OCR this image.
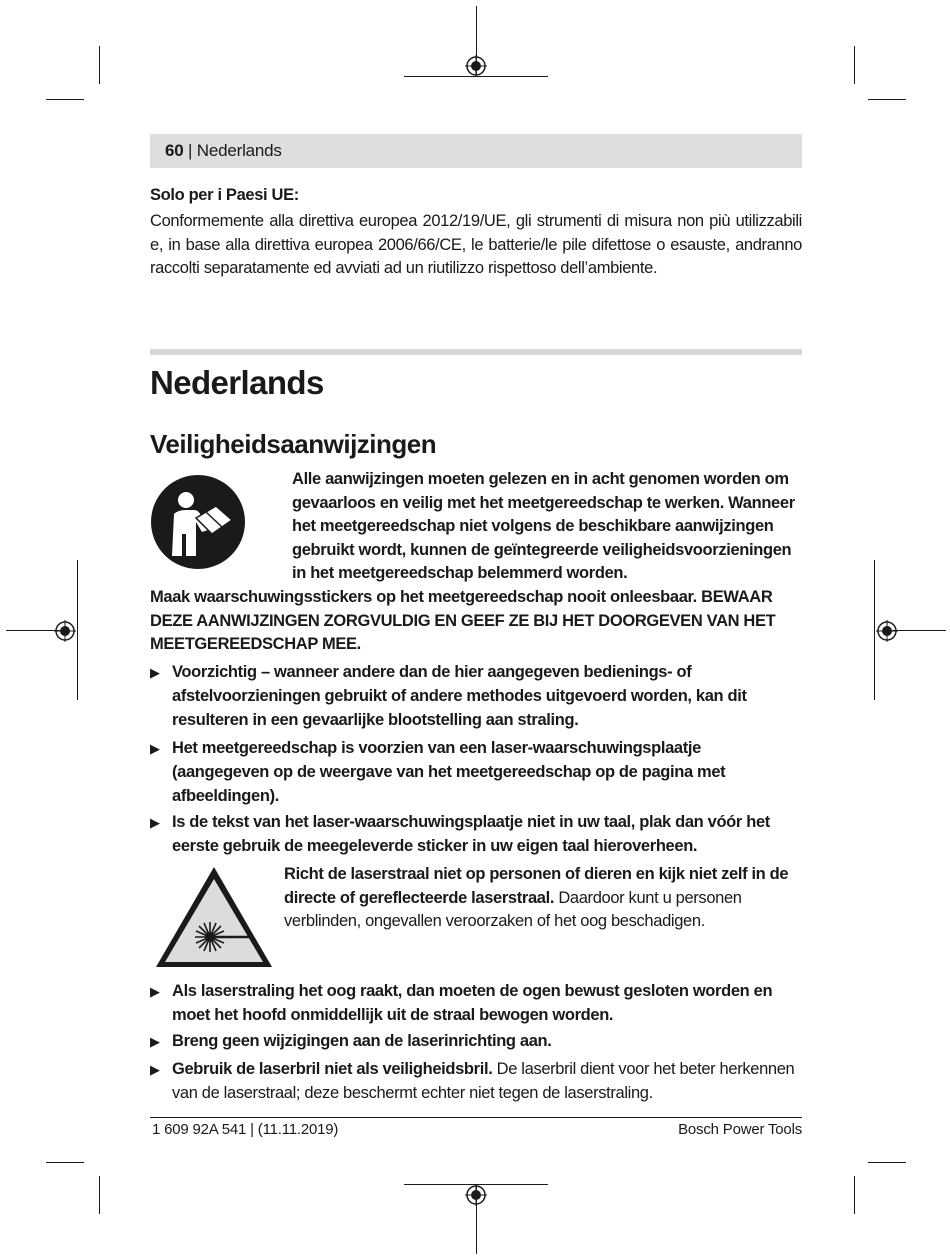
60 | Nederlands
Solo per i Paesi UE:
Conformemente alla direttiva europea 2012/19/UE, gli strumenti di misura non più utilizzabili e, in base alla direttiva europea 2006/66/CE, le batterie/le pile difettose o esauste, andranno raccolti separatamente ed avviati ad un riutilizzo rispettoso dell’ambiente.
Nederlands
Veiligheidsaanwijzingen
Alle aanwijzingen moeten gelezen en in acht genomen worden om gevaarloos en veilig met het meetgereedschap te werken. Wanneer het meetgereedschap niet volgens de beschikbare aanwijzingen gebruikt wordt, kunnen de geïntegreerde veiligheidsvoorzieningen in het meetgereedschap belemmerd worden.
Maak waarschuwingsstickers op het meetgereedschap nooit onleesbaar. BEWAAR DEZE AANWIJZINGEN ZORGVULDIG EN GEEF ZE BIJ HET DOORGEVEN VAN HET MEETGEREEDSCHAP MEE.
▶ Voorzichtig – wanneer andere dan de hier aangegeven bedienings- of afstelvoorzieningen gebruikt of andere methodes uitgevoerd worden, kan dit resulteren in een gevaarlijke blootstelling aan straling.
▶ Het meetgereedschap is voorzien van een laser-waarschuwingsplaatje (aangegeven op de weergave van het meetgereedschap op de pagina met afbeeldingen).
▶ Is de tekst van het laser-waarschuwingsplaatje niet in uw taal, plak dan vóór het eerste gebruik de meegeleverde sticker in uw eigen taal hieroverheen.
Richt de laserstraal niet op personen of dieren en kijk niet zelf in de directe of gereflecteerde laserstraal. Daardoor kunt u personen verblinden, ongevallen veroorzaken of het oog beschadigen.
▶ Als laserstraling het oog raakt, dan moeten de ogen bewust gesloten worden en moet het hoofd onmiddellijk uit de straal bewogen worden.
▶ Breng geen wijzigingen aan de laserinrichting aan.
▶ Gebruik de laserbril niet als veiligheidsbril. De laserbril dient voor het beter herkennen van de laserstraal; deze beschermt echter niet tegen de laserstraling.
1 609 92A 541 | (11.11.2019)	Bosch Power Tools
